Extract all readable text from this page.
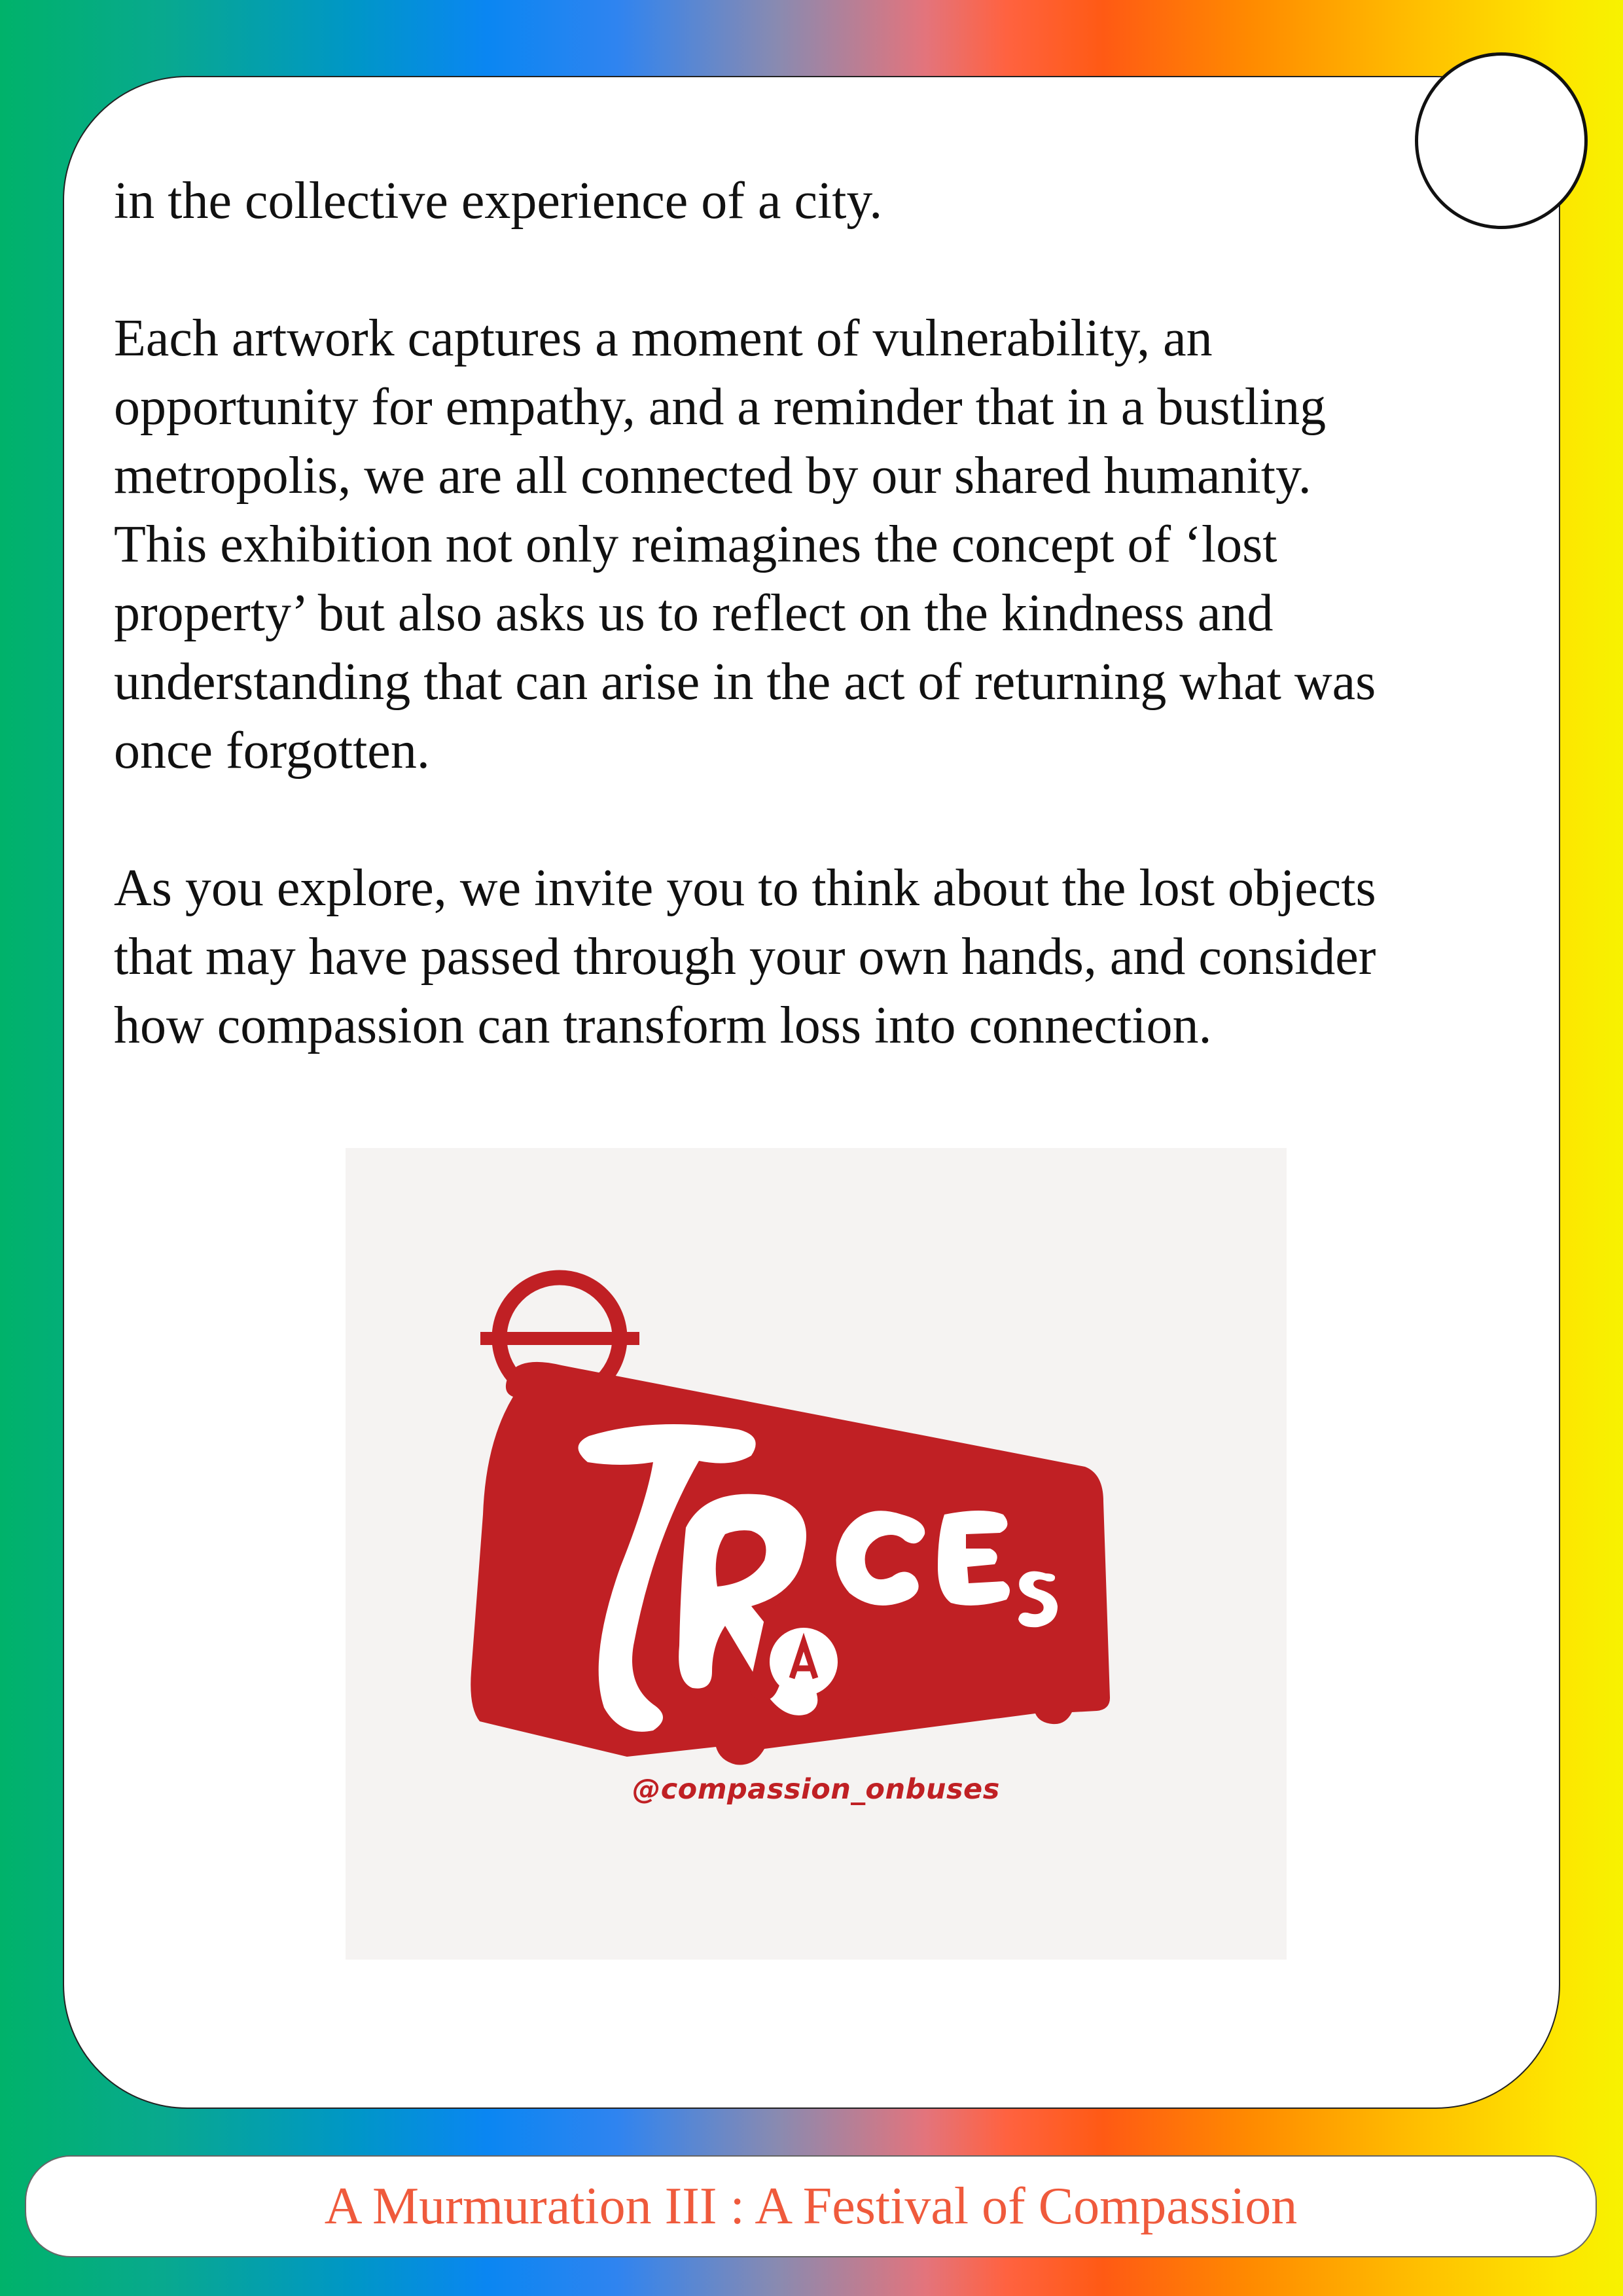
in the collective experience of a city.

Each artwork captures a moment of vulnerability, an
opportunity for empathy, and a reminder that in a bustling
metropolis, we are all connected by our shared humanity.
This exhibition not only reimagines the concept of ‘lost
property’ but also asks us to reflect on the kindness and
understanding that can arise in the act of returning what was
once forgotten.

As you explore, we invite you to think about the lost objects
that may have passed through your own hands, and consider
how compassion can transform loss into connection.

@compassion_onbuses
A Murmuration III : A Festival of Compassion
